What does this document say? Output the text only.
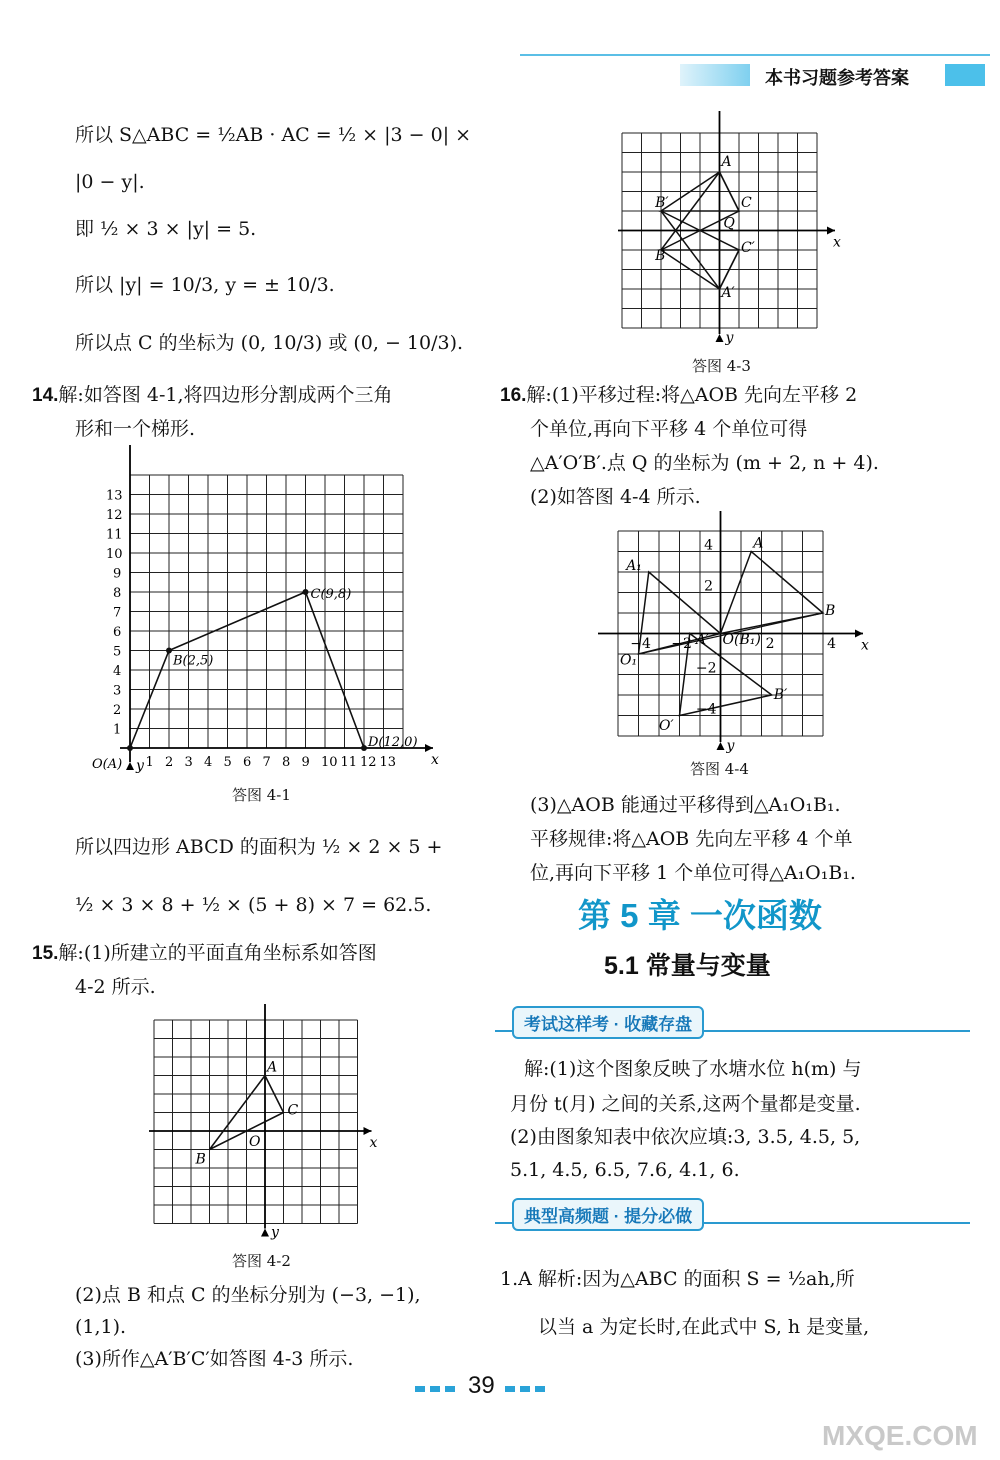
本书习题参考答案
所以 S△ABC = ½AB · AC = ½ × |3 − 0| ×
|0 − y|.
即 ½ × 3 × |y| = 5.
所以 |y| = 10/3, y = ± 10/3.
所以点 C 的坐标为 (0, 10/3) 或 (0, − 10/3).
14.解:如答图 4-1,将四边形分割成两个三角
形和一个梯形.
x
y 1 2 3 4 5 6 7 8 9 10 11 12 13
1
2
3
4
5
6
7
8
9
10
11
12
13
O(A)
B(2,5)
C(9,8)
D(12,0)
答图 4-1
所以四边形 ABCD 的面积为 ½ × 2 × 5 +
½ × 3 × 8 + ½ × (5 + 8) × 7 = 62.5.
15.解:(1)所建立的平面直角坐标系如答图
4-2 所示.
x
y
A
B
C
O
答图 4-2
(2)点 B 和点 C 的坐标分别为 (−3, −1),
(1,1).
(3)所作△A′B′C′如答图 4-3 所示.
x
y
A
B′	C
Q
B	C′
A′
答图 4-3
16.解:(1)平移过程:将△AOB 先向左平移 2
个单位,再向下平移 4 个单位可得
△A′O′B′.点 Q 的坐标为 (m + 2, n + 4).
(2)如答图 4-4 所示.
x
y
A
A₁
B
O(B₁)
A′
O₁
B′
O′
4
2
−2
−4
−4 −2	2	4
答图 4-4
(3)△AOB 能通过平移得到△A₁O₁B₁.
平移规律:将△AOB 先向左平移 4 个单
位,再向下平移 1 个单位可得△A₁O₁B₁.
第 5 章 一次函数
5.1 常量与变量
考试这样考 · 收藏存盘
解:(1)这个图象反映了水塘水位 h(m) 与
月份 t(月) 之间的关系,这两个量都是变量.
(2)由图象知表中依次应填:3, 3.5, 4.5, 5,
5.1, 4.5, 6.5, 7.6, 4.1, 6.
典型高频题 · 提分必做
1.A 解析:因为△ABC 的面积 S = ½ah,所
以当 a 为定长时,在此式中 S, h 是变量,
39
MXQE.COM
